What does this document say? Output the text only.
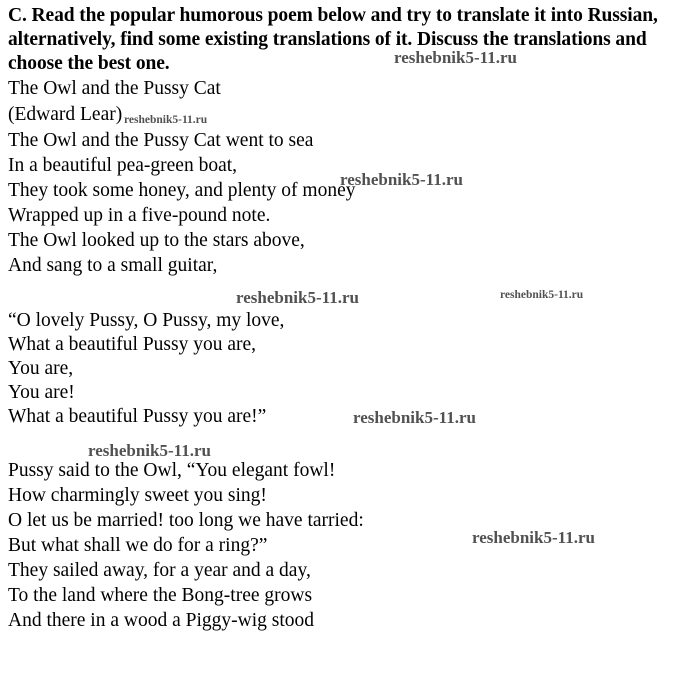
C. Read the popular humorous poem below and try to translate it into Russian, alternatively, find some existing translations of it. Discuss the translations and choose the best one.
The Owl and the Pussy Cat
(Edward Lear)
The Owl and the Pussy Cat went to sea
In a beautiful pea-green boat,
They took some honey, and plenty of money
Wrapped up in a five-pound note.
The Owl looked up to the stars above,
And sang to a small guitar,
“O lovely Pussy, O Pussy, my love,
What a beautiful Pussy you are,
You are,
You are!
What a beautiful Pussy you are!”
Pussy said to the Owl, “You elegant fowl!
How charmingly sweet you sing!
O let us be married! too long we have tarried:
But what shall we do for a ring?”
They sailed away, for a year and a day,
To the land where the Bong-tree grows
And there in a wood a Piggy-wig stood
reshebnik5-11.ru
reshebnik5-11.ru
reshebnik5-11.ru
reshebnik5-11.ru	reshebnik5-11.ru
reshebnik5-11.ru
reshebnik5-11.ru
reshebnik5-11.ru
